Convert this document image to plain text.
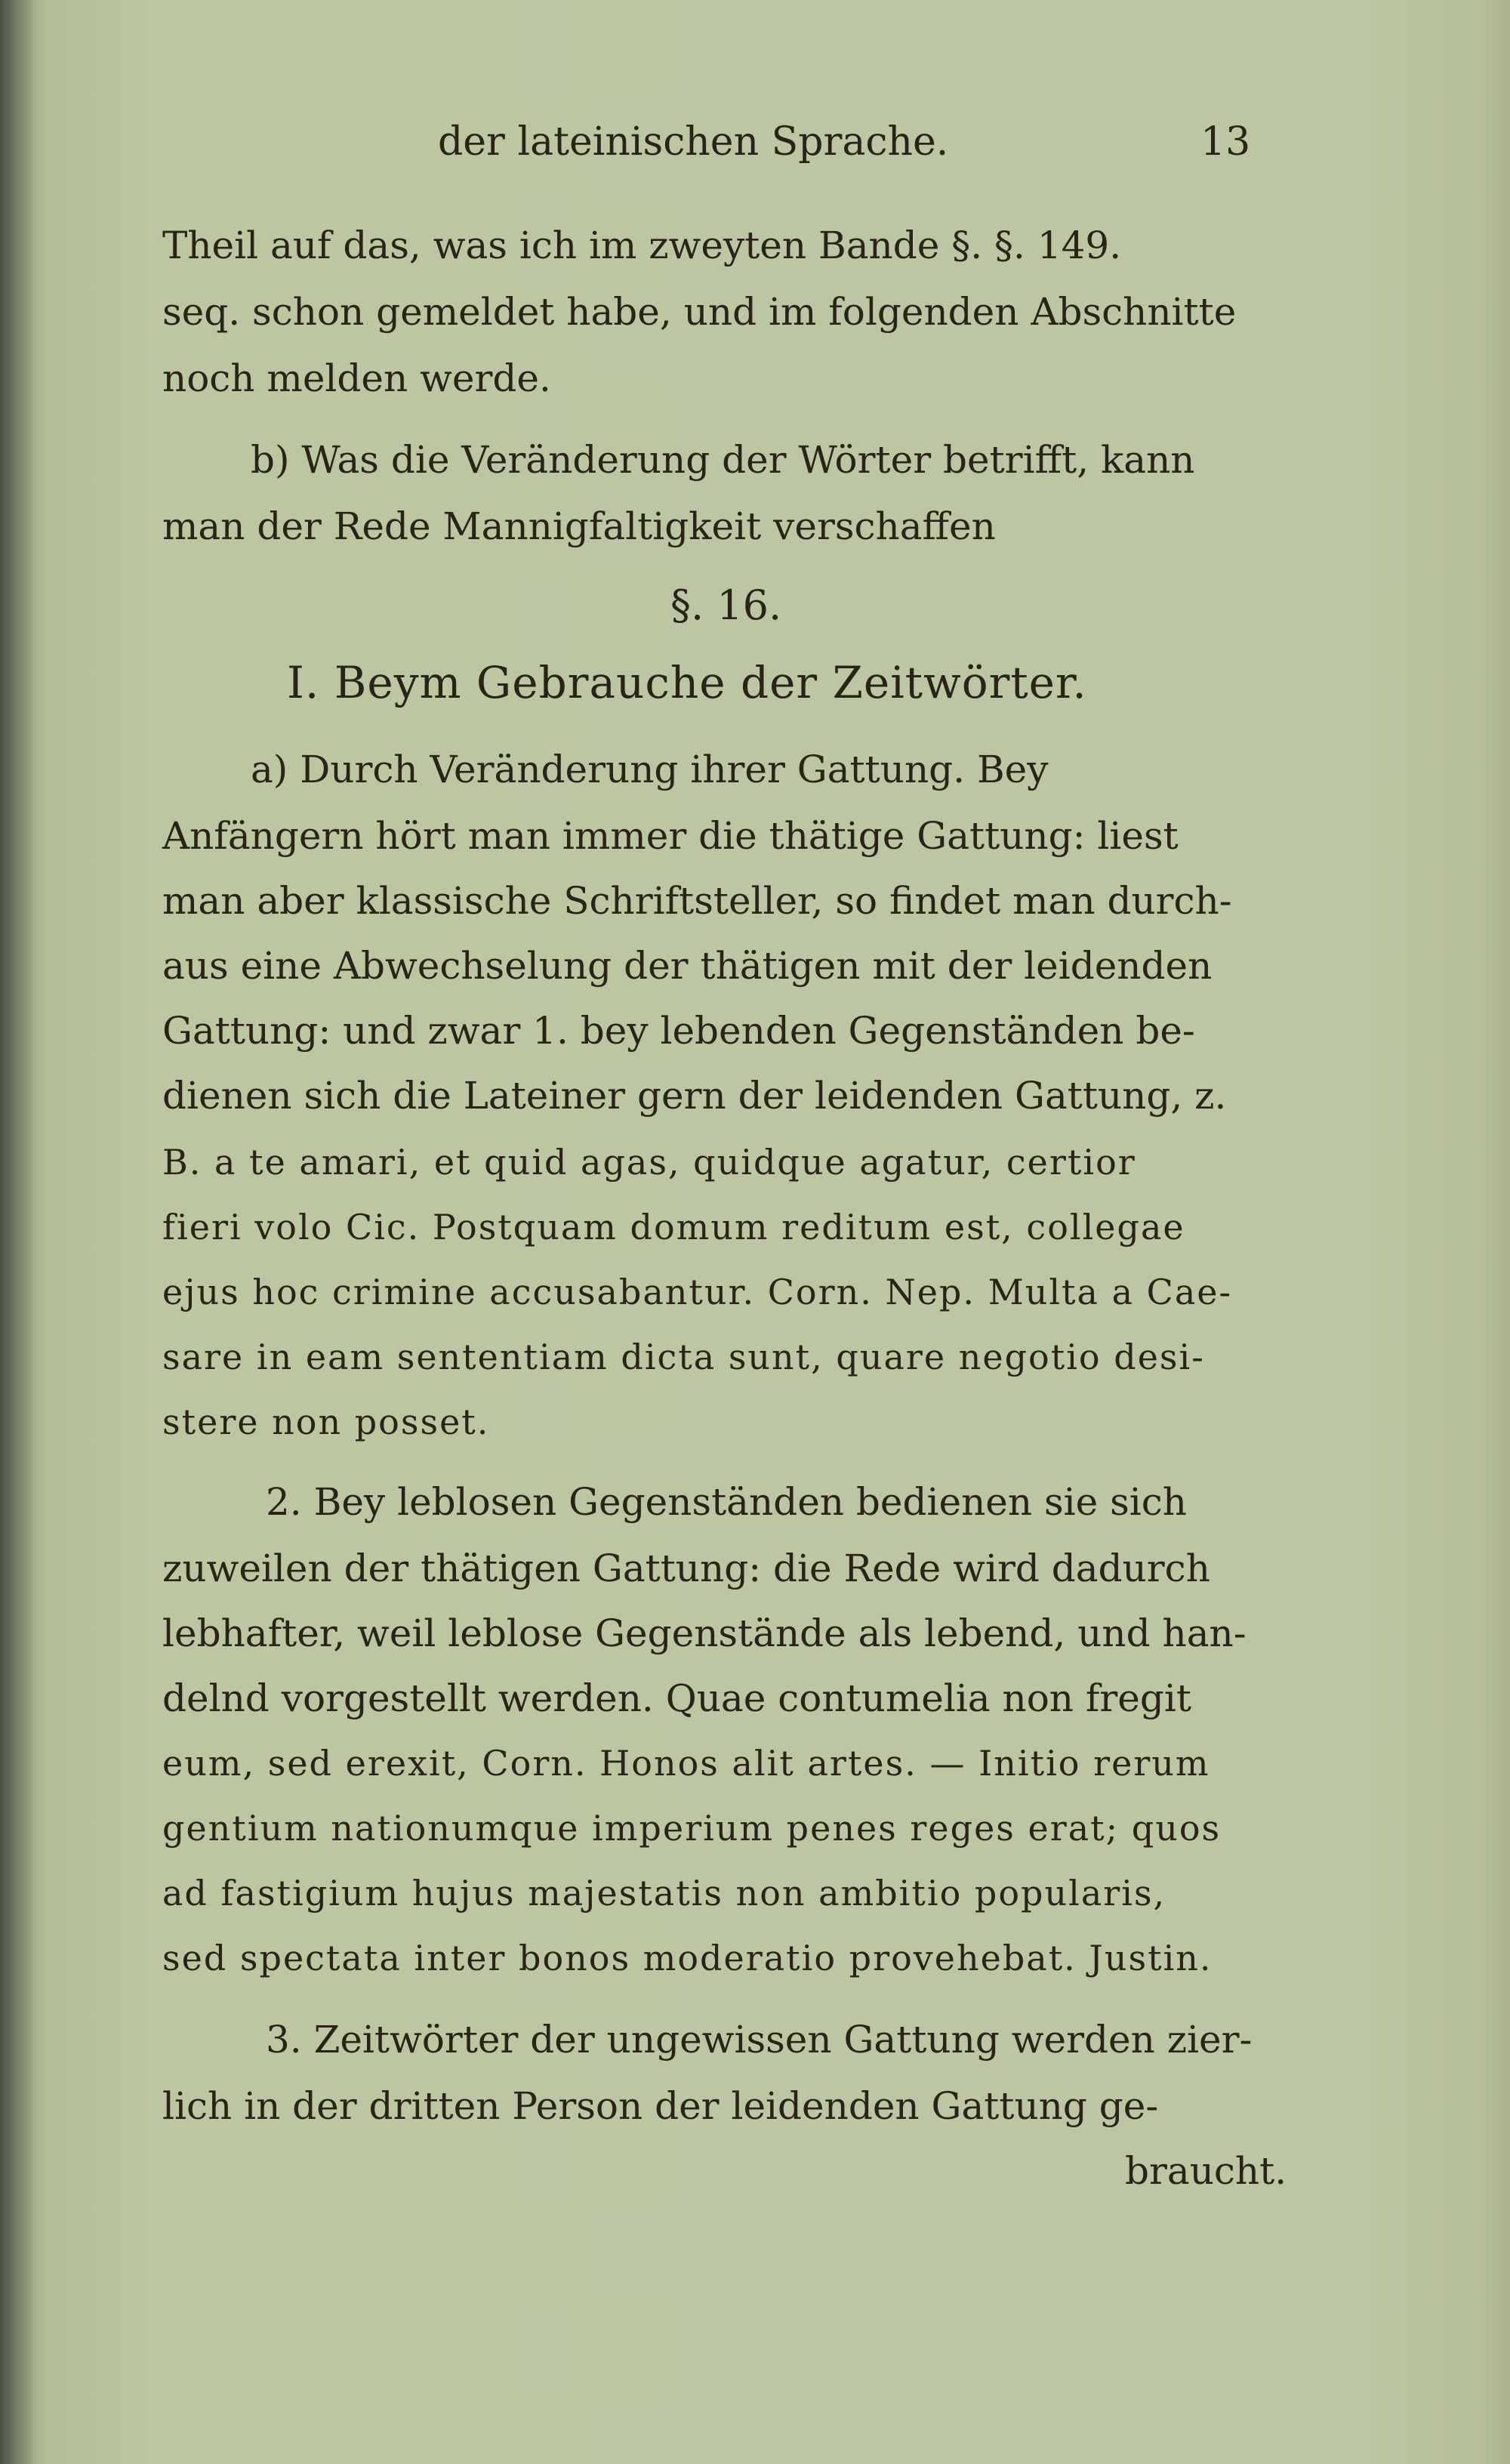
der lateinischen Sprache.	13
Theil auf das, was ich im zweyten Bande §. §. 149.
seq. schon gemeldet habe, und im folgenden Abschnitte
noch melden werde.
b) Was die Veränderung der Wörter betrifft, kann
man der Rede Mannigfaltigkeit verschaffen
§. 16.
I. Beym Gebrauche der Zeitwörter.
a) Durch Veränderung ihrer Gattung. Bey
Anfängern hört man immer die thätige Gattung: liest
man aber klassische Schriftsteller, so findet man durch-
aus eine Abwechselung der thätigen mit der leidenden
Gattung: und zwar 1. bey lebenden Gegenständen be-
dienen sich die Lateiner gern der leidenden Gattung, z.
B. a te amari, et quid agas, quidque agatur, certior
fieri volo Cic. Postquam domum reditum est, collegae
ejus hoc crimine accusabantur. Corn. Nep. Multa a Cae-
sare in eam sententiam dicta sunt, quare negotio desi-
stere non posset.
2. Bey leblosen Gegenständen bedienen sie sich
zuweilen der thätigen Gattung: die Rede wird dadurch
lebhafter, weil leblose Gegenstände als lebend, und han-
delnd vorgestellt werden. Quae contumelia non fregit
eum, sed erexit, Corn. Honos alit artes. — Initio rerum
gentium nationumque imperium penes reges erat; quos
ad fastigium hujus majestatis non ambitio popularis,
sed spectata inter bonos moderatio provehebat. Justin.
3. Zeitwörter der ungewissen Gattung werden zier-
lich in der dritten Person der leidenden Gattung ge-
braucht.
